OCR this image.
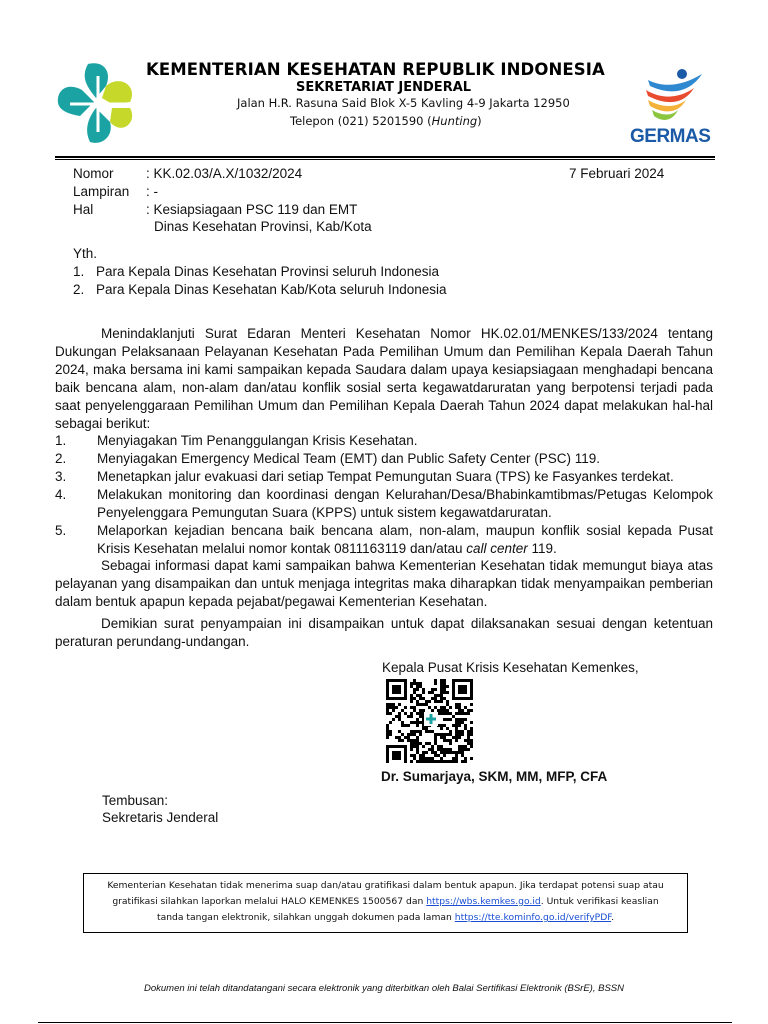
KEMENTERIAN KESEHATAN REPUBLIK INDONESIA
SEKRETARIAT JENDERAL
Jalan H.R. Rasuna Said Blok X-5 Kavling 4-9 Jakarta 12950
Telepon (021) 5201590 (Hunting)
GERMAS
Nomor : KK.02.03/A.X/1032/2024	7 Februari 2024
Lampiran : -
Hal	: Kesiapsiagaan PSC 119 dan EMT
Dinas Kesehatan Provinsi, Kab/Kota
Yth.
1. Para Kepala Dinas Kesehatan Provinsi seluruh Indonesia
2. Para Kepala Dinas Kesehatan Kab/Kota seluruh Indonesia

Menindaklanjuti Surat Edaran Menteri Kesehatan Nomor HK.02.01/MENKES/133/2024 tentang Dukungan Pelaksanaan Pelayanan Kesehatan Pada Pemilihan Umum dan Pemilihan Kepala Daerah Tahun 2024, maka bersama ini kami sampaikan kepada Saudara dalam upaya kesiapsiagaan menghadapi bencana baik bencana alam, non-alam dan/atau konflik sosial serta kegawatdaruratan yang berpotensi terjadi pada saat penyelenggaraan Pemilihan Umum dan Pemilihan Kepala Daerah Tahun 2024 dapat melakukan hal-hal sebagai berikut:

1. Menyiagakan Tim Penanggulangan Krisis Kesehatan.
2. Menyiagakan Emergency Medical Team (EMT) dan Public Safety Center (PSC) 119.
3. Menetapkan jalur evakuasi dari setiap Tempat Pemungutan Suara (TPS) ke Fasyankes terdekat.
4. Melakukan monitoring dan koordinasi dengan Kelurahan/Desa/Bhabinkamtibmas/Petugas Kelompok Penyelenggara Pemungutan Suara (KPPS) untuk sistem kegawatdaruratan.
5. Melaporkan kejadian bencana baik bencana alam, non-alam, maupun konflik sosial kepada Pusat Krisis Kesehatan melalui nomor kontak 0811163119 dan/atau call center 119.

Sebagai informasi dapat kami sampaikan bahwa Kementerian Kesehatan tidak memungut biaya atas pelayanan yang disampaikan dan untuk menjaga integritas maka diharapkan tidak menyampaikan pemberian dalam bentuk apapun kepada pejabat/pegawai Kementerian Kesehatan.

Demikian surat penyampaian ini disampaikan untuk dapat dilaksanakan sesuai dengan ketentuan peraturan perundang-undangan.

Kepala Pusat Krisis Kesehatan Kemenkes,
Dr. Sumarjaya, SKM, MM, MFP, CFA
Tembusan:
Sekretaris Jenderal
Kementerian Kesehatan tidak menerima suap dan/atau gratifikasi dalam bentuk apapun. Jika terdapat potensi suap atau
gratifikasi silahkan laporkan melalui HALO KEMENKES 1500567 dan https://wbs.kemkes.go.id. Untuk verifikasi keaslian
tanda tangan elektronik, silahkan unggah dokumen pada laman https://tte.kominfo.go.id/verifyPDF.
Dokumen ini telah ditandatangani secara elektronik yang diterbitkan oleh Balai Sertifikasi Elektronik (BSrE), BSSN
